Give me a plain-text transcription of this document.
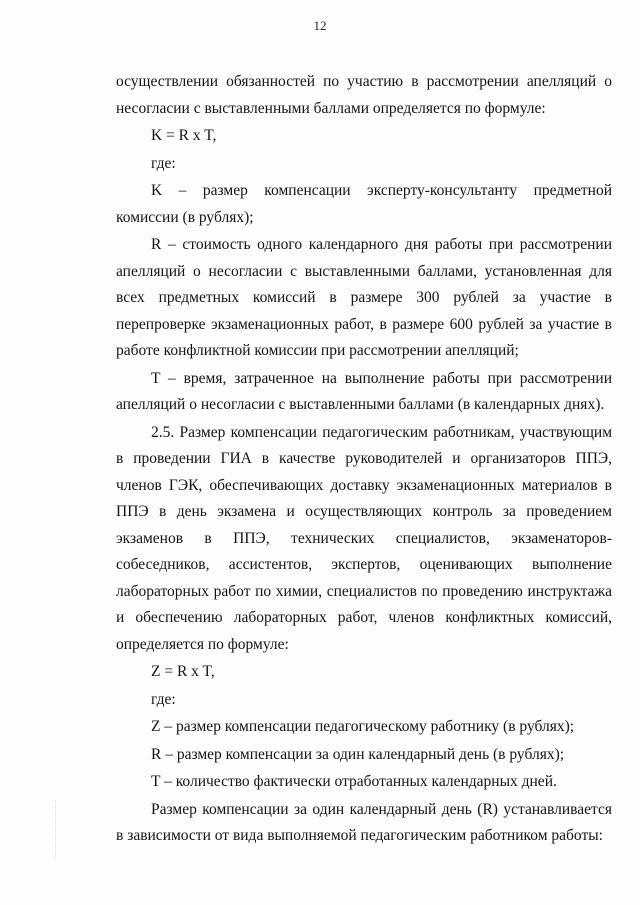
12

осуществлении обязанностей по участию в рассмотрении апелляций о несогласии с выставленными баллами определяется по формуле:

K = R x T,

где:

K – размер компенсации эксперту-консультанту предметной комиссии (в рублях);

R – стоимость одного календарного дня работы при рассмотрении апелляций о несогласии с выставленными баллами, установленная для всех предметных комиссий в размере 300 рублей за участие в перепроверке экзаменационных работ, в размере 600 рублей за участие в работе конфликтной комиссии при рассмотрении апелляций;

T – время, затраченное на выполнение работы при рассмотрении апелляций о несогласии с выставленными баллами (в календарных днях).

2.5. Размер компенсации педагогическим работникам, участвующим в проведении ГИА в качестве руководителей и организаторов ППЭ, членов ГЭК, обеспечивающих доставку экзаменационных материалов в ППЭ в день экзамена и осуществляющих контроль за проведением экзаменов в ППЭ, технических специалистов, экзаменаторов-собеседников, ассистентов, экспертов, оценивающих выполнение лабораторных работ по химии, специалистов по проведению инструктажа и обеспечению лабораторных работ, членов конфликтных комиссий, определяется по формуле:

Z = R x T,

где:

Z – размер компенсации педагогическому работнику (в рублях);

R – размер компенсации за один календарный день (в рублях);

T – количество фактически отработанных календарных дней.

Размер компенсации за один календарный день (R) устанавливается в зависимости от вида выполняемой педагогическим работником работы:
